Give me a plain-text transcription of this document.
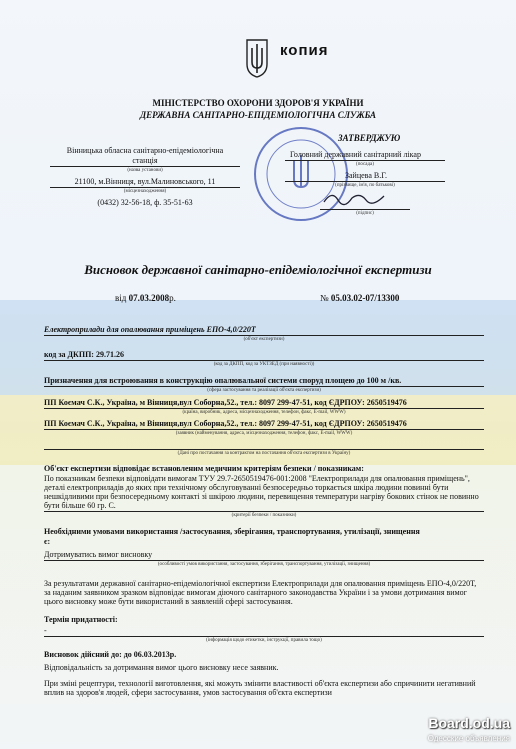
копия
МІНІСТЕРСТВО ОХОРОНИ ЗДОРОВ'Я УКРАЇНИ
ДЕРЖАВНА САНІТАРНО-ЕПІДЕМІОЛОГІЧНА СЛУЖБА
Вінницька обласна санітарно-епідеміологічна
станція
(назва установи)
21100, м.Вінниця, вул.Малиновського, 11
(місцезнаходження)
(0432) 32-56-18, ф. 35-51-63
ЗАТВЕРДЖУЮ
Головний державний санітарний лікар
(посада)
Зайцева В.Г.
(прізвище, ім'я, по батькові)
(підпис)
Висновок державної санітарно-епідеміологічної експертизи
від 07.03.2008р.	№ 05.03.02-07/13300
Електроприлади для опалювання приміщень ЕПО-4,0/220Т
(об'єкт експертизи)
код за ДКПП: 29.71.26
(код за ДКПП, код за УКТЗЕД (при наявності))
Призначення для встроювання в конструкцію опалювальної системи споруд площею до 100 м /кв.
(сфера застосування та реалізації об'єкта експертизи)
ПП Коємач С.К., Україна, м Вінниця,вул Соборна,52., тел.: 8097 299-47-51, код ЄДРПОУ: 2650519476
(країна, виробник, адреса, місцезнаходження, телефон, факс, E-mail, WWW)
ПП Коємач С.К., Україна, м Вінниця,вул Соборна,52., тел.: 8097 299-47-51, код ЄДРПОУ: 2650519476
(заявник (найменування, адреса, місцезнаходження, телефон, факс, E-mail, WWW)
(Дані про постачання за контрактом на постачання об'єкта експертизи в Україну)
Об'єкт експертизи відповідає встановленим медичним критеріям безпеки / показникам:
По показникам безпеки відповідати вимогам ТУУ 29.7-2650519476-001:2008 "Електроприлади для опалювання приміщень", деталі електроприладів до яких при технічному обслуговуванні безпосередньо торкається шкіра людини повинні бути нешкідливими при безпосередньому контакті зі шкірою людини, перевищення температури нагріву бокових стінок не повинно бути більше 60 гр. С.
(критерії безпеки / показники)
Необхідними умовами використання /застосування, зберігання, транспортування, утилізації, знищення
є:
Дотримуватись вимог висновку
(особливості умов використання, застосування, зберігання, транспортування, утилізації, знищення)
За результатами державної санітарно-епідеміологічної експертизи Електроприлади для опалювання приміщень ЕПО-4,0/220Т, за наданим заявником зразком відповідає вимогам діючого санітарного законодавства України і за умови дотримання вимог цього висновку може бути використаний в заявленій сфері застосування.
Термін придатності:
-
(інформація щодо етикетки, інструкції, правила тощо)
Висновок дійсний до: до 06.03.2013р.
Відповідальність за дотримання вимог цього висновку несе заявник.
При зміні рецептури, технології виготовлення, які можуть змінити властивості об'єкта експертизи або спричинити негативний вплив на здоров'я людей, сфери застосування, умов застосування об'єкта експертизи
Board.od.ua
Одесские объявления
